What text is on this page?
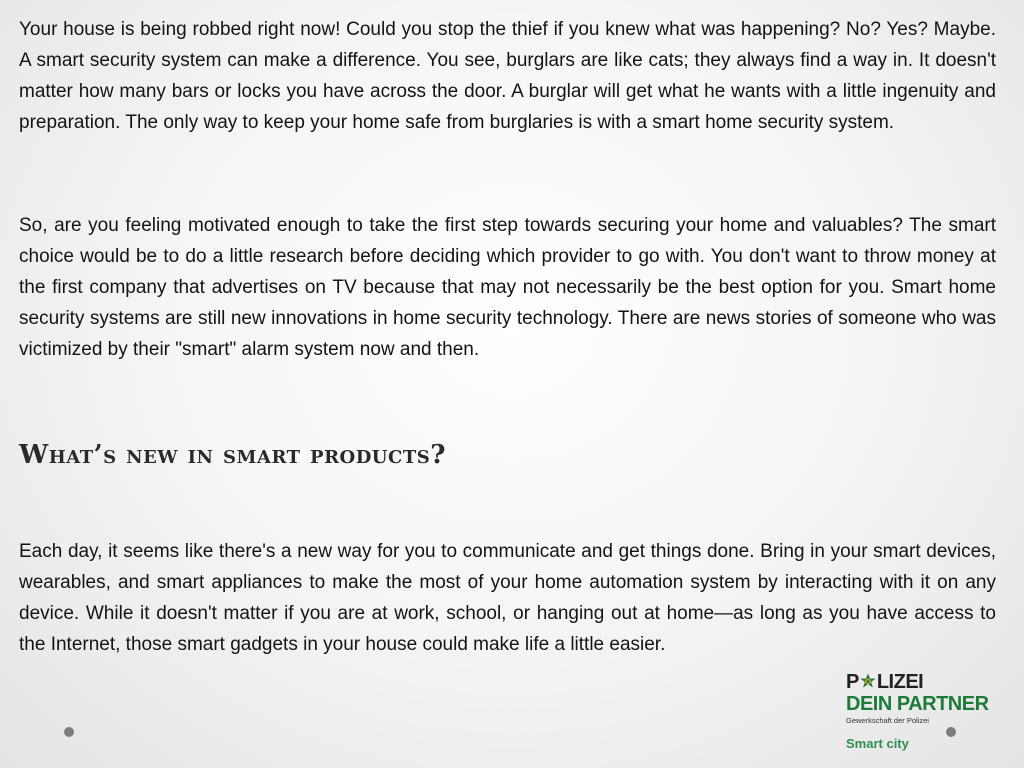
Your house is being robbed right now! Could you stop the thief if you knew what was happening? No? Yes? Maybe. A smart security system can make a difference. You see, burglars are like cats; they always find a way in. It doesn't matter how many bars or locks you have across the door. A burglar will get what he wants with a little ingenuity and preparation. The only way to keep your home safe from burglaries is with a smart home security system.

So, are you feeling motivated enough to take the first step towards securing your home and valuables? The smart choice would be to do a little research before deciding which provider to go with. You don't want to throw money at the first company that advertises on TV because that may not necessarily be the best option for you. Smart home security systems are still new innovations in home security technology. There are news stories of someone who was victimized by their "smart" alarm system now and then.

What’s new in smart products?

Each day, it seems like there's a new way for you to communicate and get things done. Bring in your smart devices, wearables, and smart appliances to make the most of your home automation system by interacting with it on any device. While it doesn't matter if you are at work, school, or hanging out at home—as long as you have access to the Internet, those smart gadgets in your house could make life a little easier.

P LIZEI
DEIN PARTNER
Gewerkschaft der Polizei
Smart city
